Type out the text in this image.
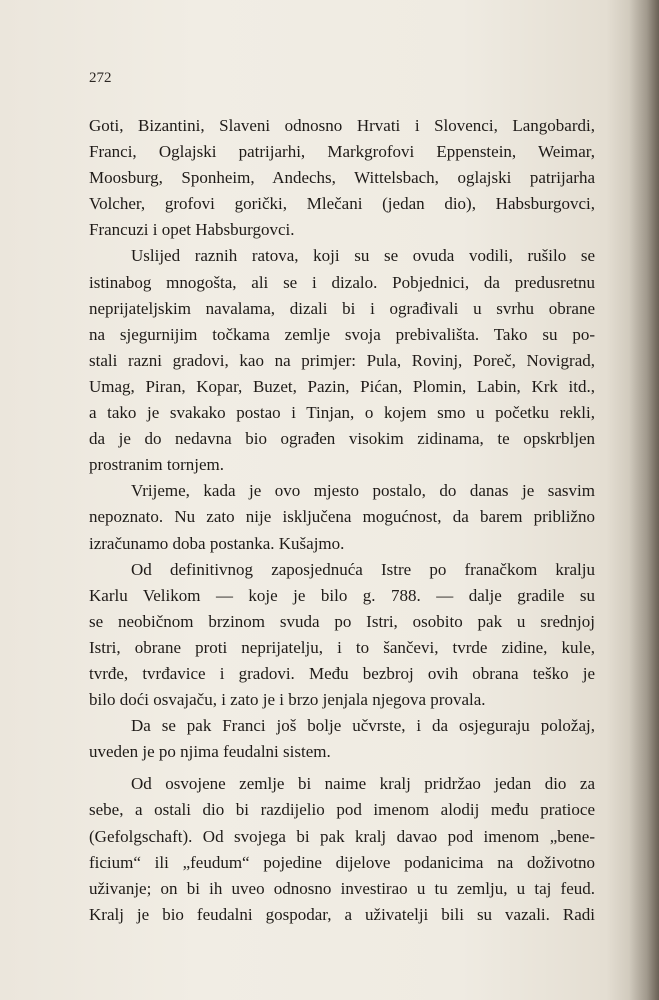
272
Goti, Bizantini, Slaveni odnosno Hrvati i Slovenci, Langobardi,
Franci, Oglajski patrijarhi, Markgrofovi Eppenstein, Weimar,
Moosburg, Sponheim, Andechs, Wittelsbach, oglajski patrijarha
Volcher, grofovi gorički, Mlečani (jedan dio), Habsburgovci,
Francuzi i opet Habsburgovci.
Uslijed raznih ratova, koji su se ovuda vodili, rušilo se
istinabog mnogošta, ali se i dizalo. Pobjednici, da predusretnu
neprijateljskim navalama, dizali bi i ograđivali u svrhu obrane
na sjegurnijim točkama zemlje svoja prebivališta. Tako su po-
stali razni gradovi, kao na primjer: Pula, Rovinj, Poreč, Novigrad,
Umag, Piran, Kopar, Buzet, Pazin, Pićan, Plomin, Labin, Krk itd.,
a tako je svakako postao i Tinjan, o kojem smo u početku rekli,
da je do nedavna bio ograđen visokim zidinama, te opskrbljen
prostranim tornjem.
Vrijeme, kada je ovo mjesto postalo, do danas je sasvim
nepoznato. Nu zato nije isključena mogućnost, da barem približno
izračunamo doba postanka. Kušajmo.
Od definitivnog zaposjednuća Istre po franačkom kralju
Karlu Velikom — koje je bilo g. 788. — dalje gradile su
se neobičnom brzinom svuda po Istri, osobito pak u srednjoj
Istri, obrane proti neprijatelju, i to šančevi, tvrde zidine, kule,
tvrđe, tvrđavice i gradovi. Među bezbroj ovih obrana teško je
bilo doći osvajaču, i zato je i brzo jenjala njegova provala.
Da se pak Franci još bolje učvrste, i da osjeguraju položaj,
uveden je po njima feudalni sistem.
Od osvojene zemlje bi naime kralj pridržao jedan dio za
sebe, a ostali dio bi razdijelio pod imenom alodij među pratioce
(Gefolgschaft). Od svojega bi pak kralj davao pod imenom „bene-
ficium“ ili „feudum“ pojedine dijelove podanicima na doživotno
uživanje; on bi ih uveo odnosno investirao u tu zemlju, u taj feud.
Kralj je bio feudalni gospodar, a uživatelji bili su vazali. Radi
